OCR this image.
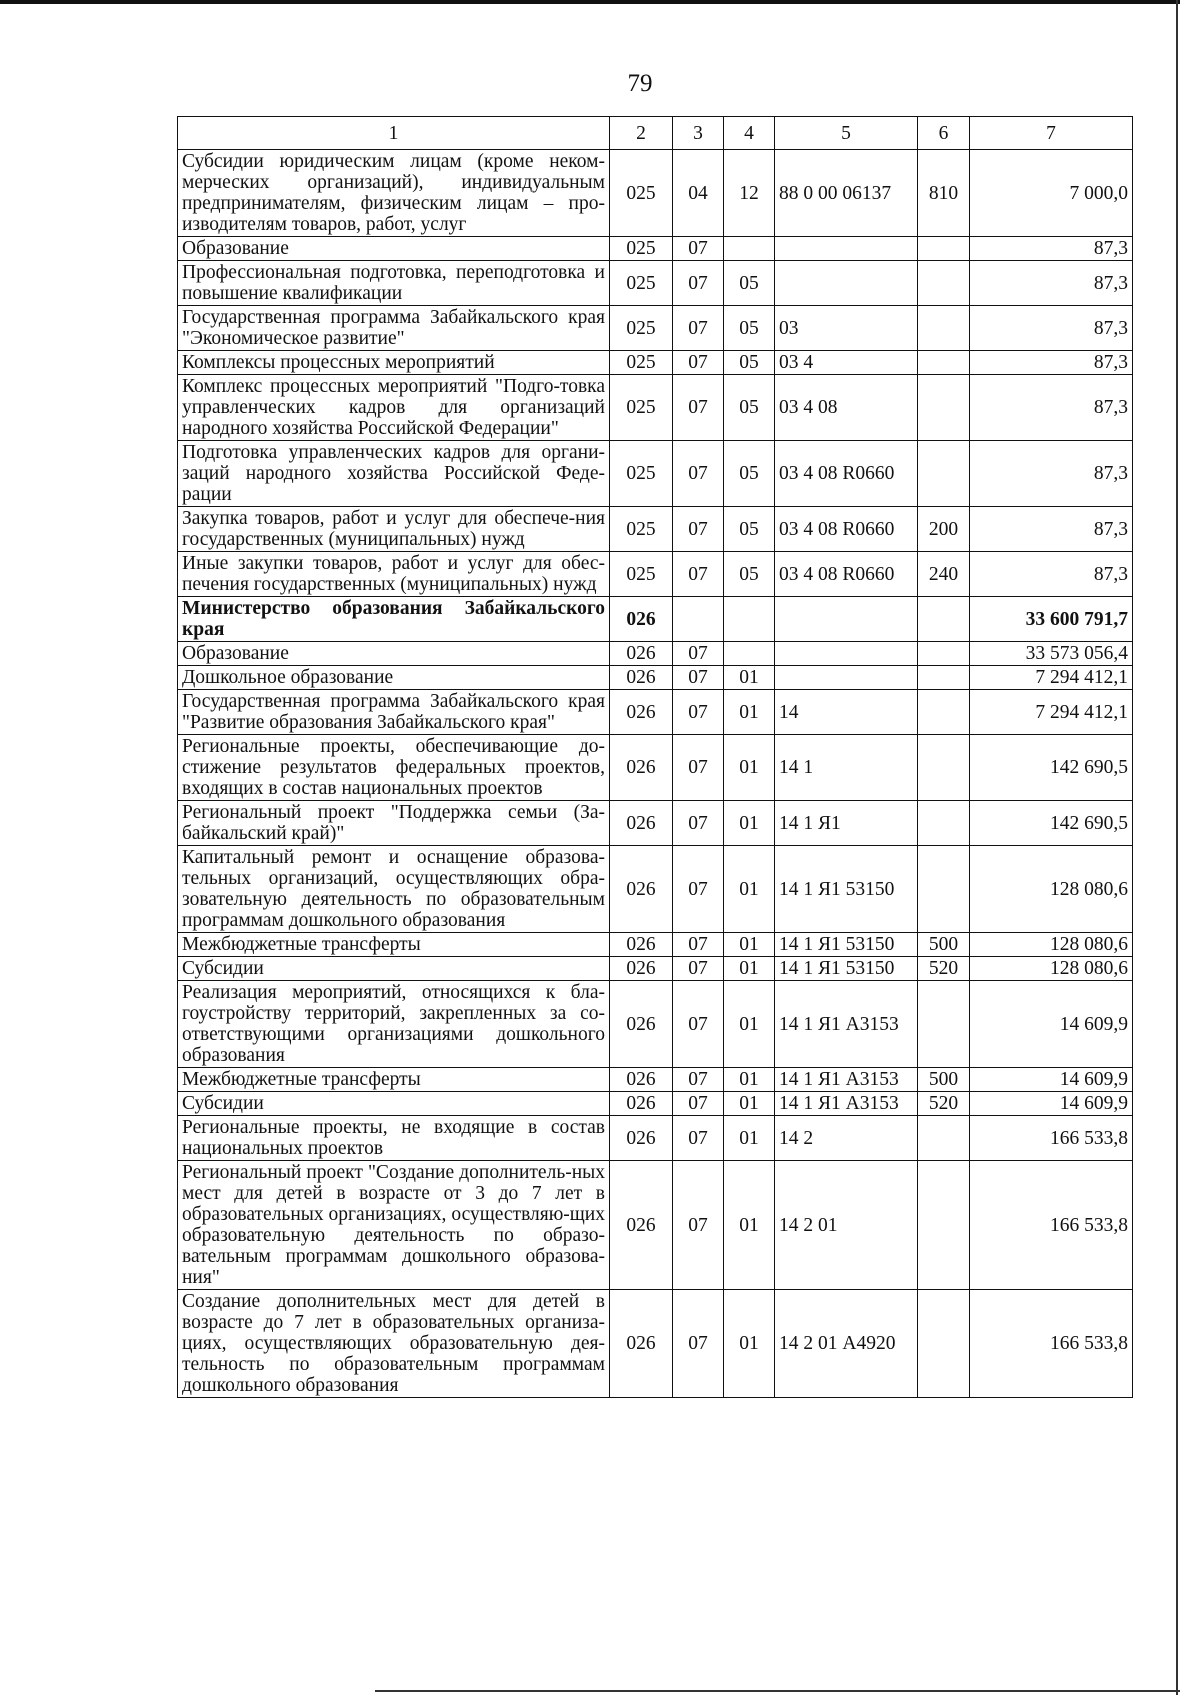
79
1	2	3	4	5	6	7
Субсидии юридическим лицам (кроме неком-мерческих организаций), индивидуальным предпринимателям, физическим лицам – про-изводителям товаров, работ, услуг	025	04	12	88 0 00 06137	810	7 000,0
Образование	025	07				87,3
Профессиональная подготовка, переподготовка и повышение квалификации	025	07	05			87,3
Государственная программа Забайкальского края "Экономическое развитие"	025	07	05	03		87,3
Комплексы процессных мероприятий	025	07	05	03 4		87,3
Комплекс процессных мероприятий "Подго-товка управленческих кадров для организаций народного хозяйства Российской Федерации"	025	07	05	03 4 08		87,3
Подготовка управленческих кадров для органи-заций народного хозяйства Российской Феде-рации	025	07	05	03 4 08 R0660		87,3
Закупка товаров, работ и услуг для обеспече-ния государственных (муниципальных) нужд	025	07	05	03 4 08 R0660	200	87,3
Иные закупки товаров, работ и услуг для обес-печения государственных (муниципальных) нужд	025	07	05	03 4 08 R0660	240	87,3
Министерство образования Забайкальского края	026					33 600 791,7
Образование	026	07				33 573 056,4
Дошкольное образование	026	07	01			7 294 412,1
Государственная программа Забайкальского края "Развитие образования Забайкальского края"	026	07	01	14		7 294 412,1
Региональные проекты, обеспечивающие до-стижение результатов федеральных проектов, входящих в состав национальных проектов	026	07	01	14 1		142 690,5
Региональный проект "Поддержка семьи (За-байкальский край)"	026	07	01	14 1 Я1		142 690,5
Капитальный ремонт и оснащение образова-тельных организаций, осуществляющих обра-зовательную деятельность по образовательным программам дошкольного образования	026	07	01	14 1 Я1 53150		128 080,6
Межбюджетные трансферты	026	07	01	14 1 Я1 53150	500	128 080,6
Субсидии	026	07	01	14 1 Я1 53150	520	128 080,6
Реализация мероприятий, относящихся к бла-гоустройству территорий, закрепленных за со-ответствующими организациями дошкольного образования	026	07	01	14 1 Я1 А3153		14 609,9
Межбюджетные трансферты	026	07	01	14 1 Я1 А3153	500	14 609,9
Субсидии	026	07	01	14 1 Я1 А3153	520	14 609,9
Региональные проекты, не входящие в состав национальных проектов	026	07	01	14 2		166 533,8
Региональный проект "Создание дополнитель-ных мест для детей в возрасте от 3 до 7 лет в образовательных организациях, осуществляю-щих образовательную деятельность по образо-вательным программам дошкольного образова-ния"	026	07	01	14 2 01		166 533,8
Создание дополнительных мест для детей в возрасте до 7 лет в образовательных организа-циях, осуществляющих образовательную дея-тельность по образовательным программам дошкольного образования	026	07	01	14 2 01 А4920		166 533,8
